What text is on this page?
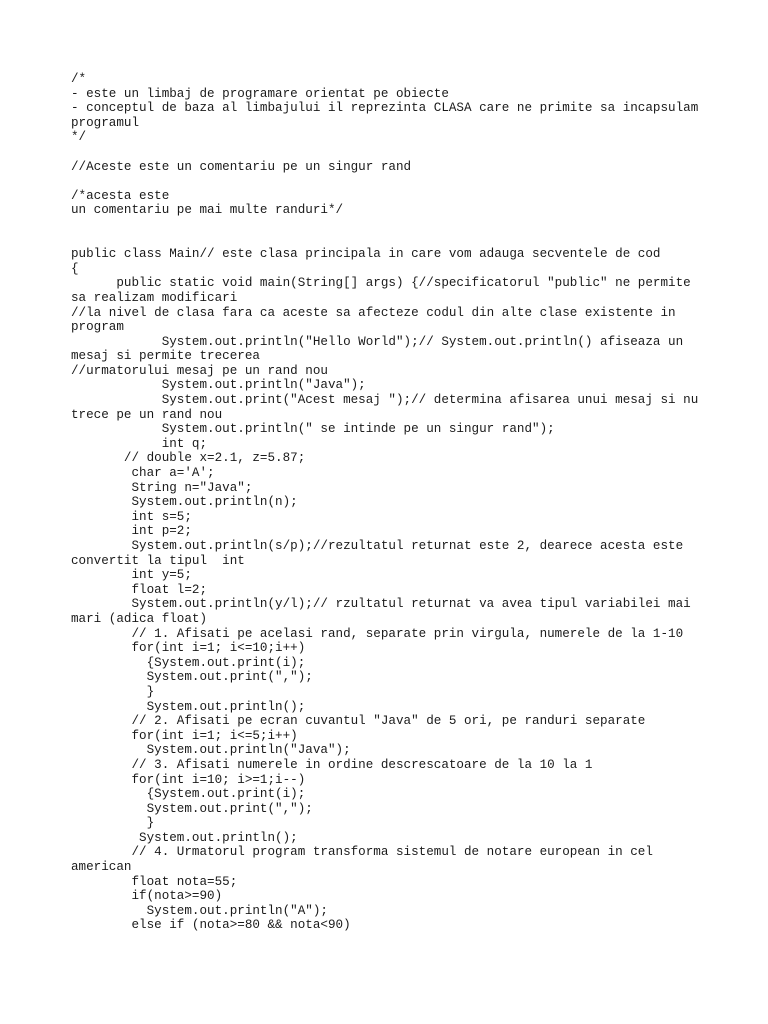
/*
- este un limbaj de programare orientat pe obiecte
- conceptul de baza al limbajului il reprezinta CLASA care ne primite sa incapsulam
programul
*/

//Aceste este un comentariu pe un singur rand

/*acesta este
un comentariu pe mai multe randuri*/

public class Main// este clasa principala in care vom adauga secventele de cod
{
public static void main(String[] args) {//specificatorul "public" ne permite
sa realizam modificari
//la nivel de clasa fara ca aceste sa afecteze codul din alte clase existente in
program
System.out.println("Hello World");// System.out.println() afiseaza un
mesaj si permite trecerea
//urmatorului mesaj pe un rand nou
System.out.println("Java");
System.out.print("Acest mesaj ");// determina afisarea unui mesaj si nu
trece pe un rand nou
System.out.println(" se intinde pe un singur rand");
int q;
// double x=2.1, z=5.87;
char a='A';
String n="Java";
System.out.println(n);
int s=5;
int p=2;
System.out.println(s/p);//rezultatul returnat este 2, dearece acesta este
convertit la tipul  int
int y=5;
float l=2;
System.out.println(y/l);// rzultatul returnat va avea tipul variabilei mai
mari (adica float)
// 1. Afisati pe acelasi rand, separate prin virgula, numerele de la 1-10
for(int i=1; i<=10;i++)
{System.out.print(i);
System.out.print(",");
}
System.out.println();
// 2. Afisati pe ecran cuvantul "Java" de 5 ori, pe randuri separate
for(int i=1; i<=5;i++)
System.out.println("Java");
// 3. Afisati numerele in ordine descrescatoare de la 10 la 1
for(int i=10; i>=1;i--)
{System.out.print(i);
System.out.print(",");
}
System.out.println();
// 4. Urmatorul program transforma sistemul de notare european in cel
american
float nota=55;
if(nota>=90)
System.out.println("A");
else if (nota>=80 && nota<90)
